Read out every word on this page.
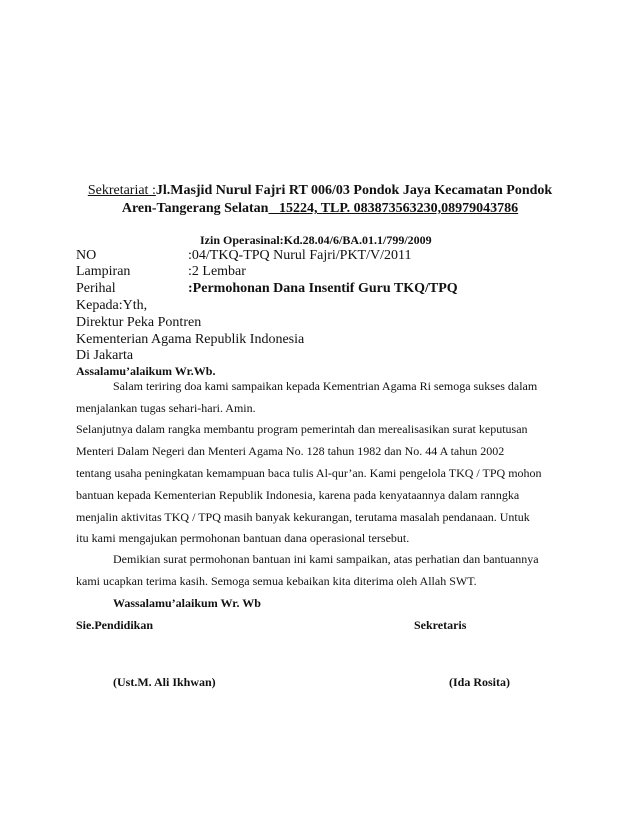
Sekretariat :Jl.Masjid Nurul Fajri RT 006/03 Pondok Jaya Kecamatan Pondok
Aren-Tangerang Selatan   15224, TLP. 083873563230,08979043786
Izin Operasinal:Kd.28.04/6/BA.01.1/799/2009
NO	:04/TKQ-TPQ Nurul Fajri/PKT/V/2011
Lampiran	:2 Lembar
Perihal	:Permohonan Dana Insentif Guru TKQ/TPQ
Kepada:Yth,
Direktur Peka Pontren
Kementerian Agama Republik Indonesia
Di Jakarta
Assalamu’alaikum Wr.Wb.
Salam teriring doa kami sampaikan kepada Kementrian Agama Ri semoga sukses dalam
menjalankan tugas sehari-hari. Amin.
Selanjutnya dalam rangka membantu program pemerintah dan merealisasikan surat keputusan
Menteri Dalam Negeri dan Menteri Agama No. 128 tahun 1982 dan No. 44 A tahun 2002
tentang usaha peningkatan kemampuan baca tulis Al-qur’an. Kami pengelola TKQ / TPQ mohon
bantuan kepada Kementerian Republik Indonesia, karena pada kenyataannya dalam ranngka
menjalin aktivitas TKQ / TPQ masih banyak kekurangan, terutama masalah pendanaan. Untuk
itu kami mengajukan permohonan bantuan dana operasional tersebut.
Demikian surat permohonan bantuan ini kami sampaikan, atas perhatian dan bantuannya
kami ucapkan terima kasih. Semoga semua kebaikan kita diterima oleh Allah SWT.
Wassalamu’alaikum Wr. Wb
Sie.Pendidikan	Sekretaris
(Ust.M. Ali Ikhwan)	(Ida Rosita)
